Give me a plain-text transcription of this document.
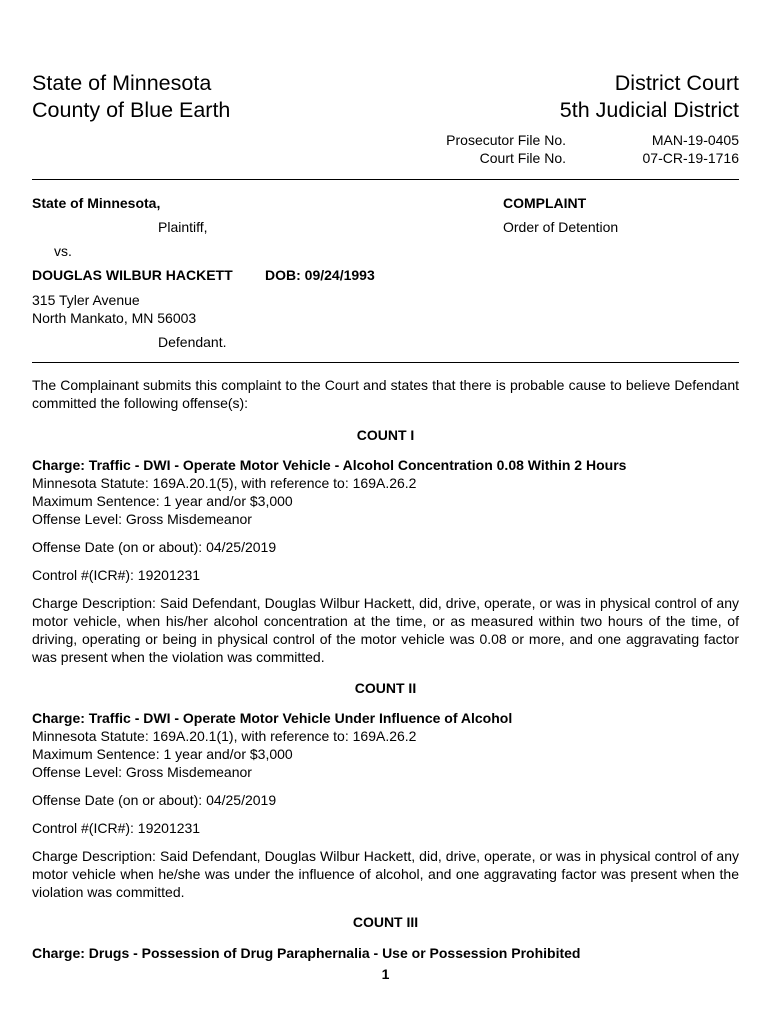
State of Minnesota
County of Blue Earth
District Court
5th Judicial District
Prosecutor File No.	MAN-19-0405
Court File No.	07-CR-19-1716
State of Minnesota,	COMPLAINT
Plaintiff,	Order of Detention
vs.
DOUGLAS WILBUR HACKETT DOB: 09/24/1993
315 Tyler Avenue
North Mankato, MN 56003
Defendant.
The Complainant submits this complaint to the Court and states that there is probable cause to believe Defendant committed the following offense(s):
COUNT I
Charge: Traffic - DWI - Operate Motor Vehicle - Alcohol Concentration 0.08 Within 2 Hours
Minnesota Statute: 169A.20.1(5), with reference to: 169A.26.2
Maximum Sentence: 1 year and/or $3,000
Offense Level: Gross Misdemeanor
Offense Date (on or about): 04/25/2019
Control #(ICR#): 19201231
Charge Description: Said Defendant, Douglas Wilbur Hackett, did, drive, operate, or was in physical control of any motor vehicle, when his/her alcohol concentration at the time, or as measured within two hours of the time, of driving, operating or being in physical control of the motor vehicle was 0.08 or more, and one aggravating factor was present when the violation was committed.
COUNT II
Charge: Traffic - DWI - Operate Motor Vehicle Under Influence of Alcohol
Minnesota Statute: 169A.20.1(1), with reference to: 169A.26.2
Maximum Sentence: 1 year and/or $3,000
Offense Level: Gross Misdemeanor
Offense Date (on or about): 04/25/2019
Control #(ICR#): 19201231
Charge Description: Said Defendant, Douglas Wilbur Hackett, did, drive, operate, or was in physical control of any motor vehicle when he/she was under the influence of alcohol, and one aggravating factor was present when the violation was committed.
COUNT III
Charge: Drugs - Possession of Drug Paraphernalia - Use or Possession Prohibited
1
